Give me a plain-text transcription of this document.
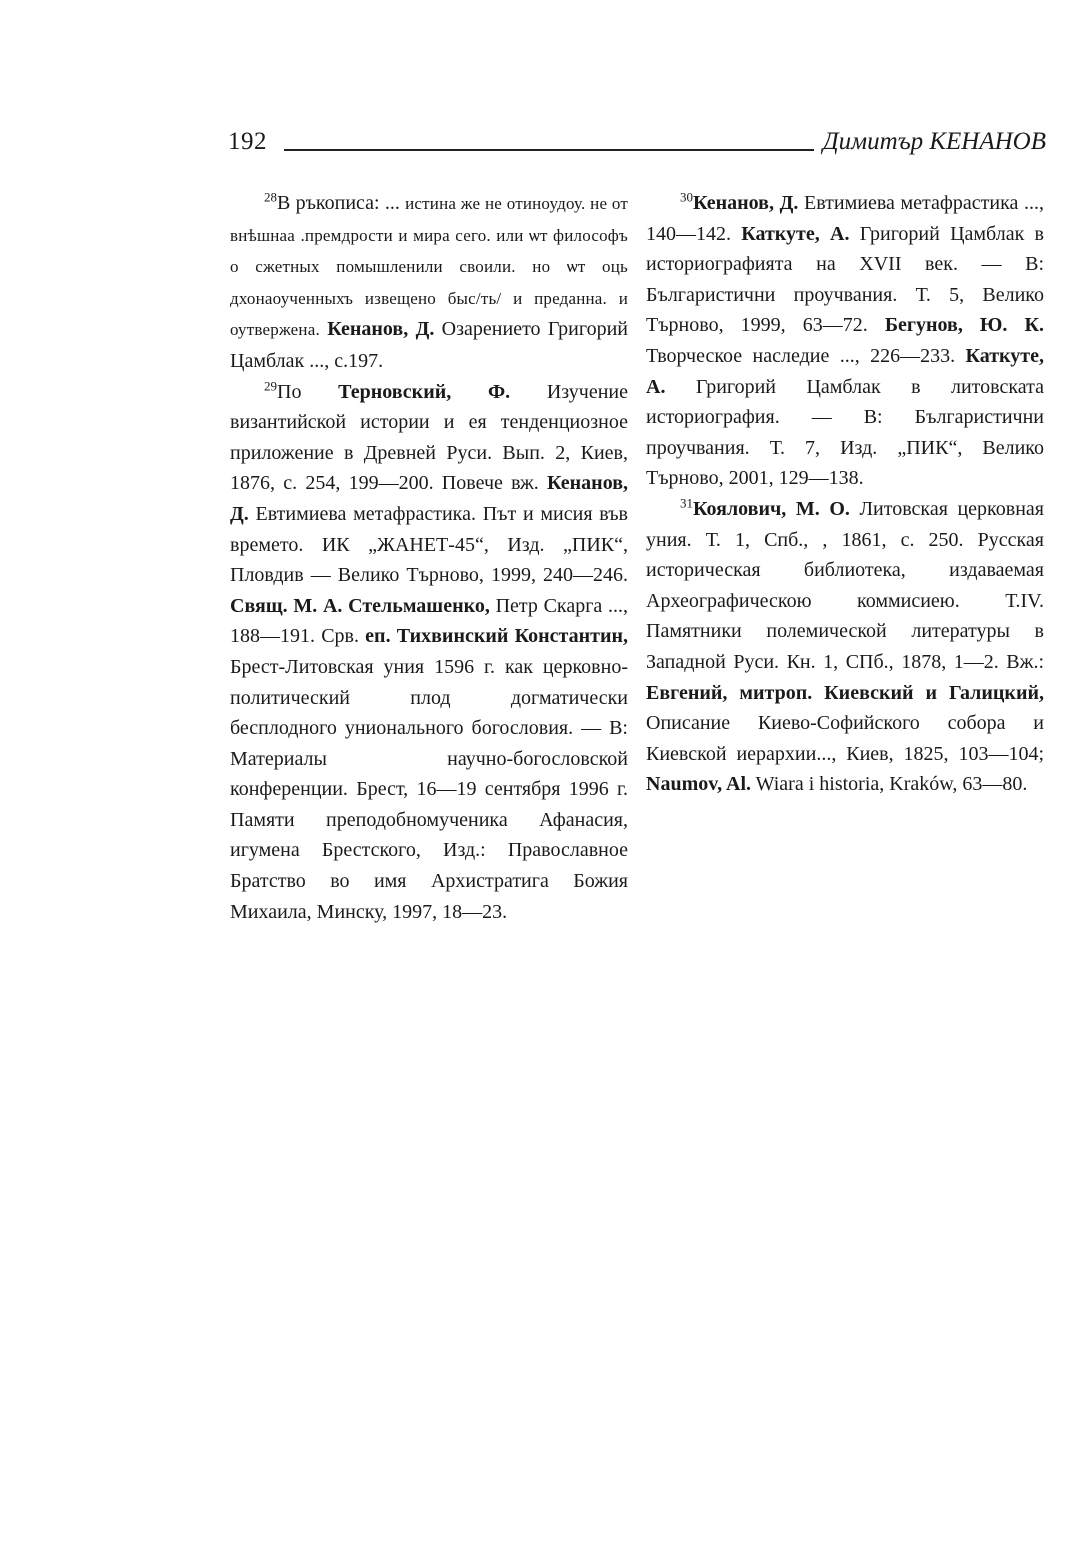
192	Димитър КЕНАНОВ

$^{28}$В ръкописа: ... истина же не отиноудоу. не от внѣшнаа .премдрости и мира сего. или ѡт философъ о сжетных помышленили своили. но ѡт оць дхонаоученныхъ извещено быс/ть/ и преданна. и оутвержена. Кенанов, Д. Озарението Григорий Цамблак ..., с.197.

$^{29}$По Терновский, Ф. Изучение византийской истории и ея тенденциозное приложение в Древней Руси. Вып. 2, Киев, 1876, с. 254, 199—200. Повече вж. Кенанов, Д. Евтимиева метафрастика. Път и мисия във времето. ИК „ЖАНЕТ-45“, Изд. „ПИК“, Пловдив — Велико Търново, 1999, 240—246. Свящ. М. А. Стельмашенко, Петр Скарга ..., 188—191. Срв. еп. Тихвинский Константин, Брест-Литовская уния 1596 г. как церковно-политический плод догматически бесплодного унионального богословия. — В: Материалы научно-богословской конференции. Брест, 16—19 сентября 1996 г. Памяти преподобномученика Афанасия, игумена Брестского, Изд.: Православное Братство во имя Архистратига Божия Михаила, Минску, 1997, 18—23.

$^{30}$Кенанов, Д. Евтимиева метафрастика ..., 140—142. Каткуте, А. Григорий Цамблак в историографията на XVII век. — В: Българистични проучвания. Т. 5, Велико Търново, 1999, 63—72. Бегунов, Ю. К. Творческое наследие ..., 226—233. Каткуте, А. Григорий Цамблак в литовската историография. — В: Българистични проучвания. Т. 7, Изд. „ПИК“, Велико Търново, 2001, 129—138.

$^{31}$Коялович, М. О. Литовская церковная уния. Т. 1, Спб., , 1861, с. 250. Русская историческая библиотека, издаваемая Археографическою коммисиею. Т.IV. Памятники полемической литературы в Западной Руси. Кн. 1, СПб., 1878, 1—2. Вж.: Евгений, митроп. Киевский и Галицкий, Описание Киево-Софийского собора и Киевской иерархии..., Киев, 1825, 103—104; Naumov, Al. Wiara i historia, Kraków, 63—80.
